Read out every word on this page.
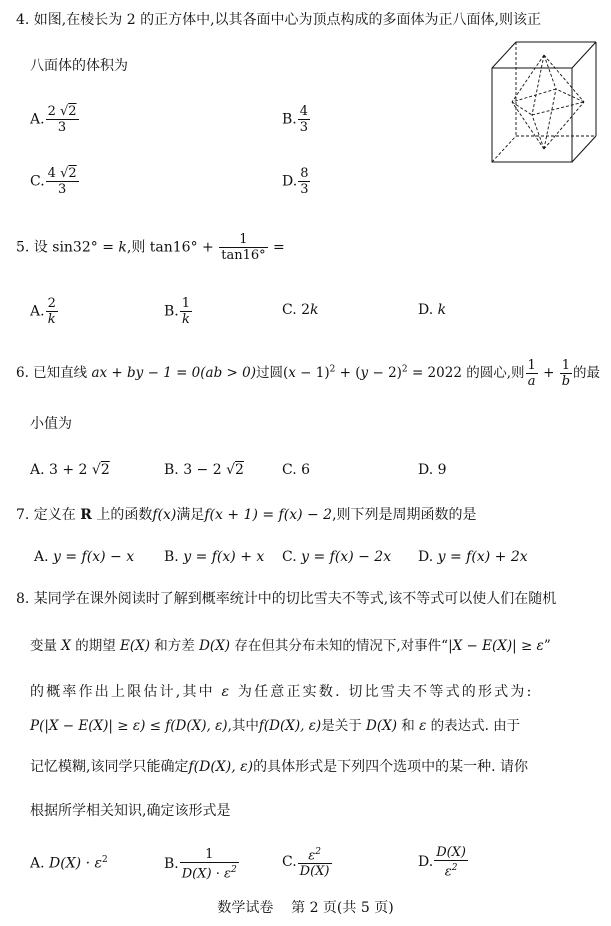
4. 如图,在棱长为 2 的正方体中,以其各面中心为顶点构成的多面体为正八面体,则该正
八面体的体积为
A. $\frac{2 √2}{3}$	B. $\frac{4}{3}$
C. $\frac{4 √2}{3}$	D. $\frac{8}{3}$
5. 设 sin32° = k,则 $\tan 16^\circ + \frac{1}{\tan 16^\circ}$ =
A. $\frac{2}{k}$	B. $\frac{1}{k}$	C. 2k	D. k
6. 已知直线 ax + by − 1 = 0(ab > 0)过圆$(x - 1)^2 + (y - 2)^2 = 2022$ 的圆心,则 $\frac{1}{a} + \frac{1}{b}$ 的最
小值为
A. 3 + 2 √2	B. 3 − 2 √2	C. 6	D. 9
7. 定义在 R 上的函数f(x)满足f(x + 1) = f(x) − 2,则下列是周期函数的是
A. y = f(x) − x B. y = f(x) + x C. y = f(x) − 2x D. y = f(x) + 2x
8. 某同学在课外阅读时了解到概率统计中的切比雪夫不等式,该不等式可以使人们在随机
变量 X 的期望 E(X) 和方差 D(X) 存在但其分布未知的情况下,对事件“|X − E(X)| ≥ ε”
的概率作出上限估计,其中 ε 为任意正实数. 切比雪夫不等式的形式为:
P(|X − E(X)| ≥ ε) ≤ f(D(X), ε),其中f(D(X), ε)是关于 D(X) 和 ε 的表达式. 由于
记忆模糊,该同学只能确定f(D(X), ε)的具体形式是下列四个选项中的某一种. 请你
根据所学相关知识,确定该形式是
A. $D(X) \cdot \varepsilon^2$	B. $\frac{1}{D(X) \cdot \varepsilon^2}$	C. $\frac{\varepsilon^2}{D(X)}$	D. $\frac{D(X)}{\varepsilon^2}$
数学试卷    第 2 页(共 5 页)
